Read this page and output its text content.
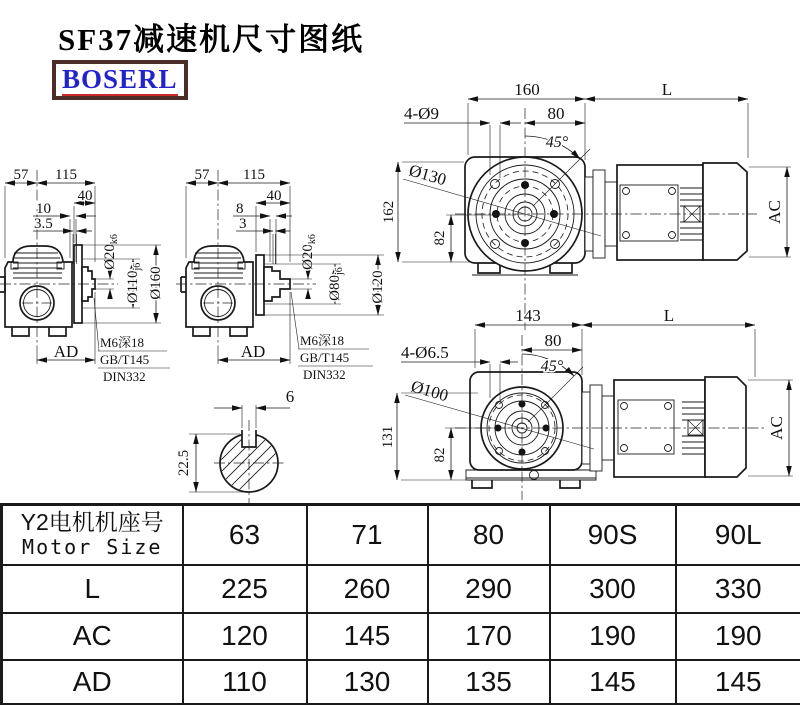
SF37减速机尺寸图纸
BOSERL
57 115
40
10
3.5
$Ø20_{k6}$
$Ø110_{j6}$ Ø160
AD M6深18
GB/T145
DIN332
57 115
40
8
3
$Ø20_{k6}$
$Ø80_{j6}$ Ø120
AD
M6深18
GB/T145
DIN332
160	L
4-Ø9	80
45°
Ø130
162
82
AC
143	L
80
4-Ø6.5
45°
Ø100
131
82
AC
6
22.5
Y2电机机座号
Motor Size	63	71	80	90S	90L
L	225	260	290	300	330
AC	120	145	170	190	190
AD	110	130	135	145	145
